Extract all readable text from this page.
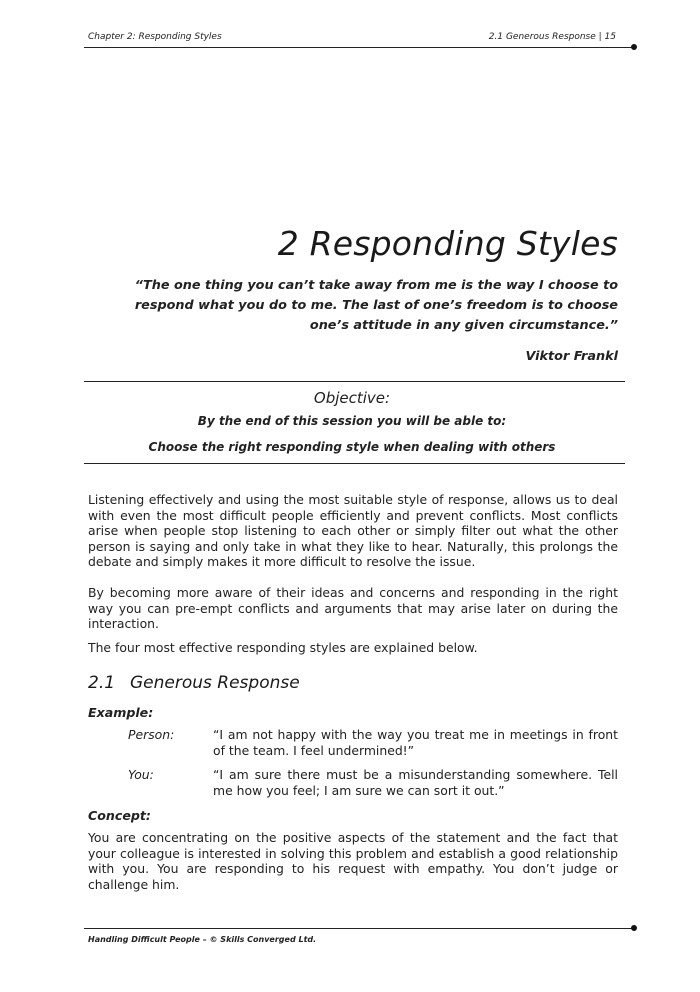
Chapter 2: Responding Styles	2.1 Generous Response | 15
2 Responding Styles
“The one thing you can’t take away from me is the way I choose to respond what you do to me. The last of one’s freedom is to choose one’s attitude in any given circumstance.”
Viktor Frankl
Objective:
By the end of this session you will be able to:
Choose the right responding style when dealing with others
Listening effectively and using the most suitable style of response, allows us to deal with even the most difficult people efficiently and prevent conflicts. Most conflicts arise when people stop listening to each other or simply filter out what the other person is saying and only take in what they like to hear. Naturally, this prolongs the debate and simply makes it more difficult to resolve the issue.
By becoming more aware of their ideas and concerns and responding in the right way you can pre-empt conflicts and arguments that may arise later on during the interaction.
The four most effective responding styles are explained below.
2.1 Generous Response
Example:
Person:	“I am not happy with the way you treat me in meetings in front of the team. I feel undermined!”
You:	“I am sure there must be a misunderstanding somewhere. Tell me how you feel; I am sure we can sort it out.”
Concept:
You are concentrating on the positive aspects of the statement and the fact that your colleague is interested in solving this problem and establish a good relationship with you. You are responding to his request with empathy. You don’t judge or challenge him.
Handling Difficult People – © Skills Converged Ltd.
